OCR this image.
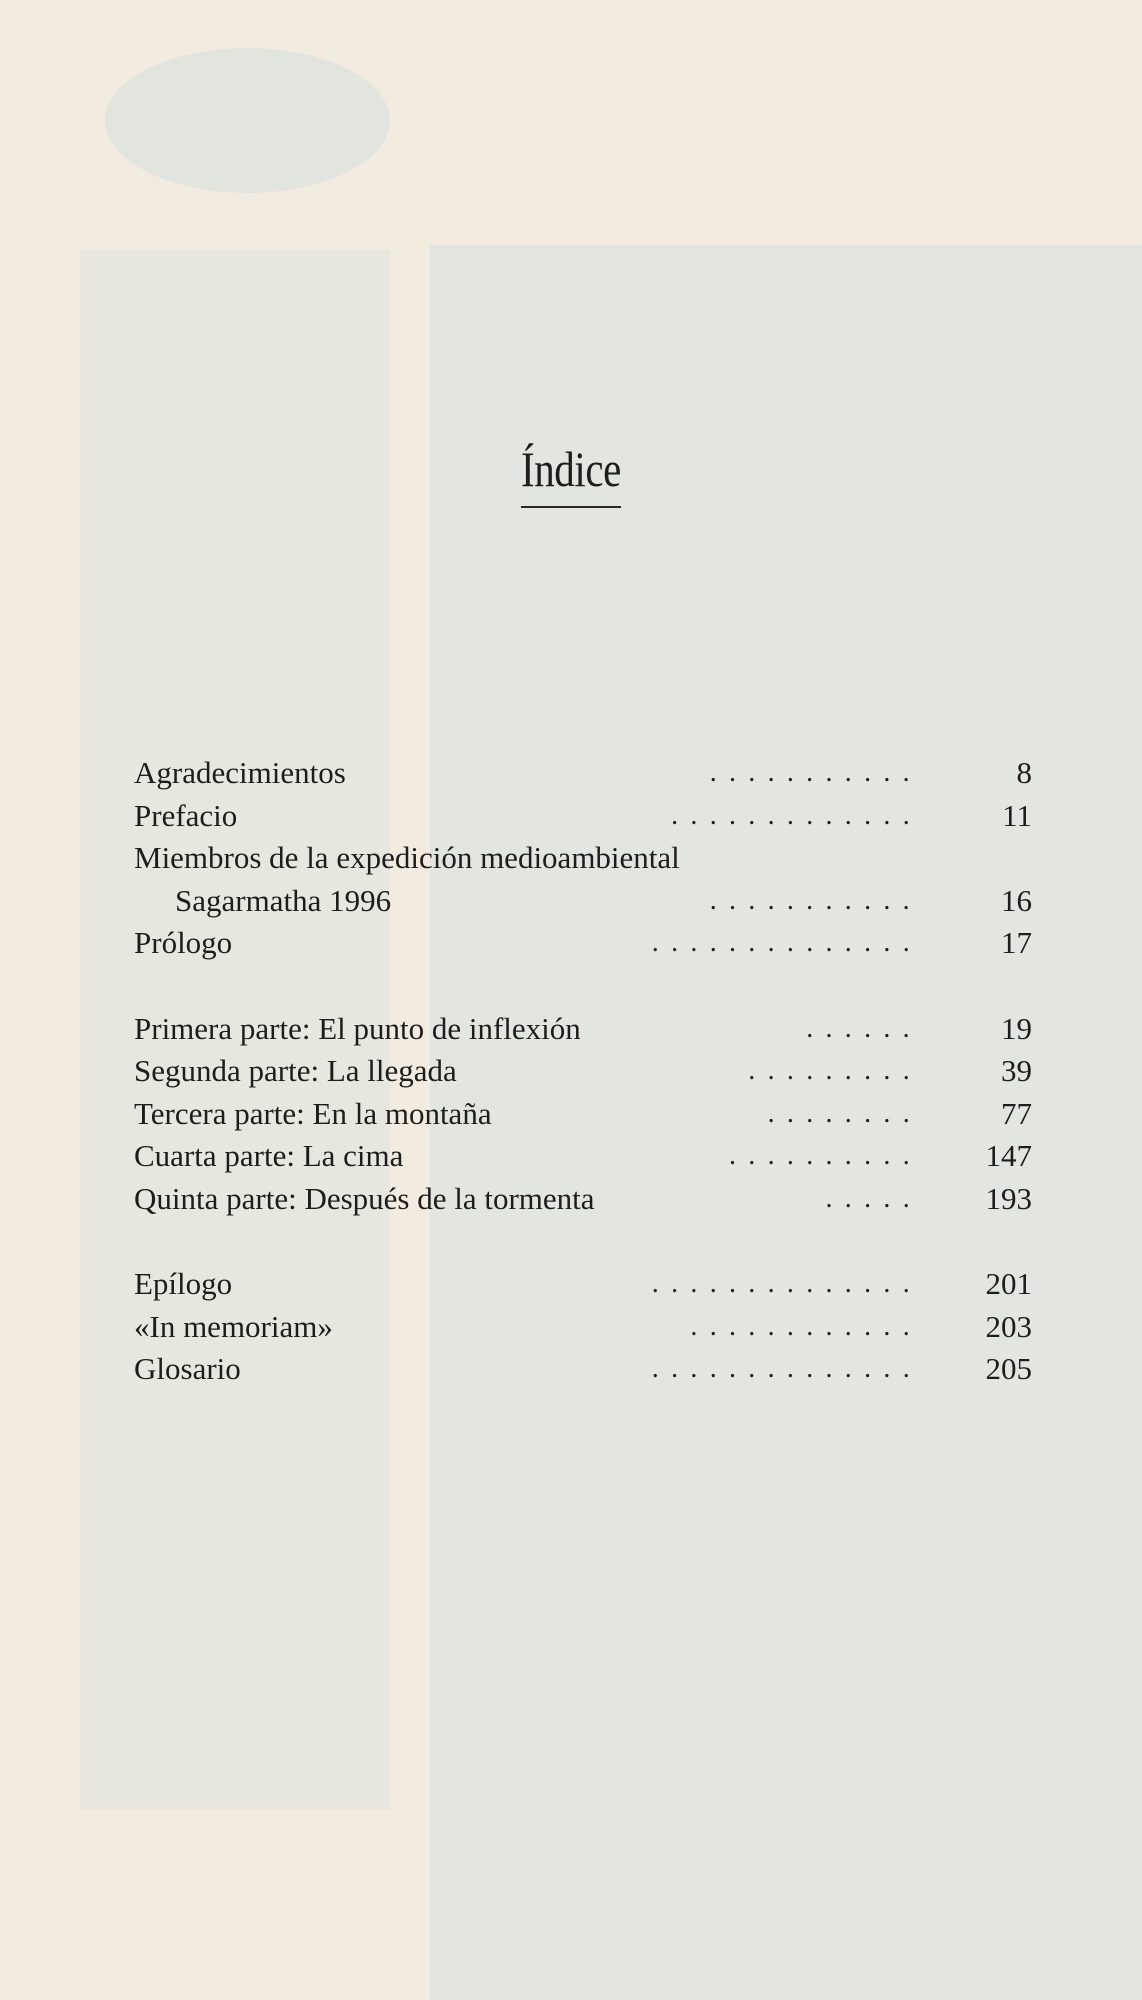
Índice
Agradecimientos	...........	8
Prefacio	.............	11
Miembros de la expedición medioambiental
Sagarmatha 1996	...........	16
Prólogo	..............	17
Primera parte: El punto de inflexión	......	19
Segunda parte: La llegada	.........	39
Tercera parte: En la montaña	........	77
Cuarta parte: La cima	.......... 147
Quinta parte: Después de la tormenta	..... 193
Epílogo	.............. 201
«In memoriam»	............ 203
Glosario	.............. 205
